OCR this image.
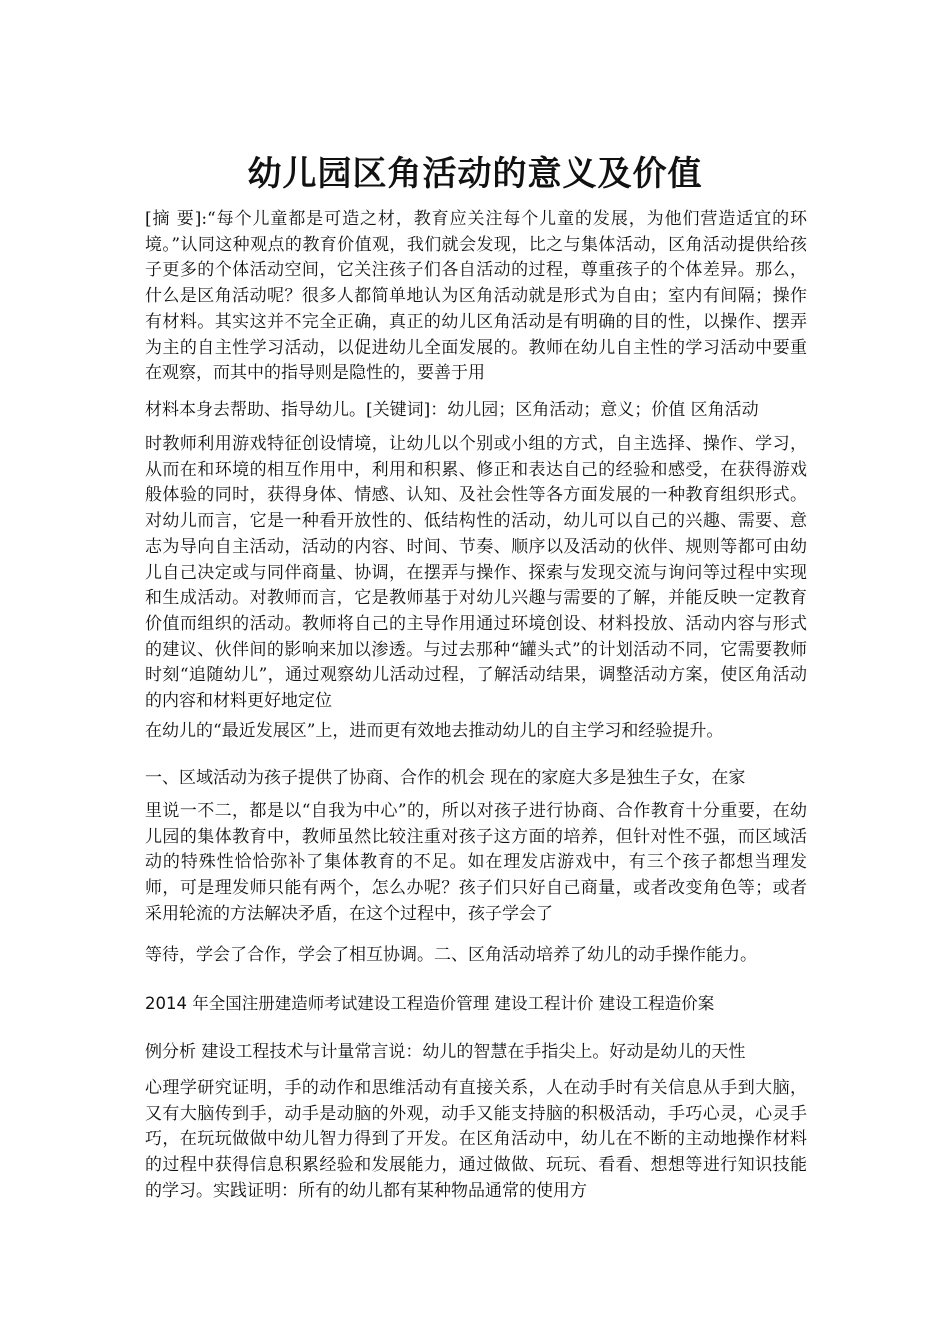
幼儿园区角活动的意义及价值

[摘 要]:“每个儿童都是可造之材，教育应关注每个儿童的发展，为他们营造适宜的环境。”认同这种观点的教育价值观，我们就会发现，比之与集体活动，区角活动提供给孩子更多的个体活动空间，它关注孩子们各自活动的过程，尊重孩子的个体差异。那么，什么是区角活动呢？很多人都简单地认为区角活动就是形式为自由；室内有间隔；操作有材料。其实这并不完全正确，真正的幼儿区角活动是有明确的目的性，以操作、摆弄为主的自主性学习活动，以促进幼儿全面发展的。教师在幼儿自主性的学习活动中要重在观察，而其中的指导则是隐性的，要善于用

材料本身去帮助、指导幼儿。[关键词]：幼儿园；区角活动；意义；价值 区角活动

时教师利用游戏特征创设情境，让幼儿以个别或小组的方式，自主选择、操作、学习，从而在和环境的相互作用中，利用和积累、修正和表达自己的经验和感受，在获得游戏般体验的同时，获得身体、情感、认知、及社会性等各方面发展的一种教育组织形式。对幼儿而言，它是一种看开放性的、低结构性的活动，幼儿可以自己的兴趣、需要、意志为导向自主活动，活动的内容、时间、节奏、顺序以及活动的伙伴、规则等都可由幼儿自己决定或与同伴商量、协调，在摆弄与操作、探索与发现交流与询问等过程中实现和生成活动。对教师而言，它是教师基于对幼儿兴趣与需要的了解，并能反映一定教育价值而组织的活动。教师将自己的主导作用通过环境创设、材料投放、活动内容与形式的建议、伙伴间的影响来加以渗透。与过去那种“罐头式”的计划活动不同，它需要教师时刻“追随幼儿”，通过观察幼儿活动过程，了解活动结果，调整活动方案，使区角活动的内容和材料更好地定位

在幼儿的“最近发展区”上，进而更有效地去推动幼儿的自主学习和经验提升。

一、区域活动为孩子提供了协商、合作的机会 现在的家庭大多是独生子女，在家

里说一不二，都是以“自我为中心”的，所以对孩子进行协商、合作教育十分重要，在幼儿园的集体教育中，教师虽然比较注重对孩子这方面的培养，但针对性不强，而区域活动的特殊性恰恰弥补了集体教育的不足。如在理发店游戏中，有三个孩子都想当理发师，可是理发师只能有两个，怎么办呢？孩子们只好自己商量，或者改变角色等；或者采用轮流的方法解决矛盾，在这个过程中，孩子学会了

等待，学会了合作，学会了相互协调。二、区角活动培养了幼儿的动手操作能力。

2014 年全国注册建造师考试建设工程造价管理 建设工程计价 建设工程造价案

例分析 建设工程技术与计量常言说：幼儿的智慧在手指尖上。好动是幼儿的天性

心理学研究证明，手的动作和思维活动有直接关系，人在动手时有关信息从手到大脑，又有大脑传到手，动手是动脑的外观，动手又能支持脑的积极活动，手巧心灵，心灵手巧，在玩玩做做中幼儿智力得到了开发。在区角活动中，幼儿在不断的主动地操作材料的过程中获得信息积累经验和发展能力，通过做做、玩玩、看看、想想等进行知识技能的学习。实践证明：所有的幼儿都有某种物品通常的使用方
